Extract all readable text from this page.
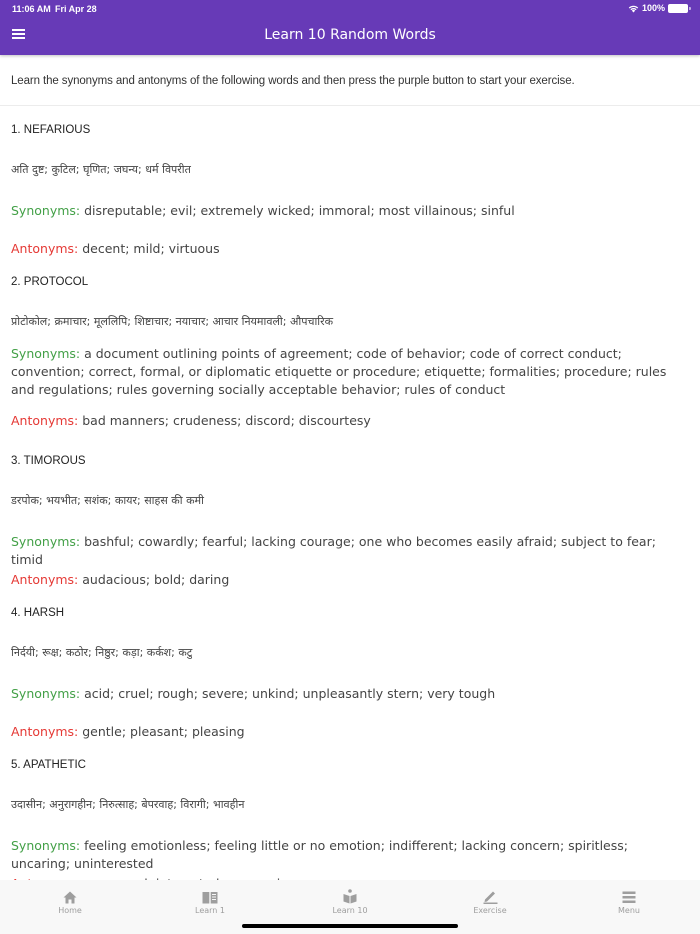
11:06 AM Fri Apr 28	100%
Learn 10 Random Words
Learn the synonyms and antonyms of the following words and then press the purple button to start your exercise.
1. NEFARIOUS
अति दुष्ट; कुटिल; घृणित; जघन्य; धर्म विपरीत
Synonyms: disreputable; evil; extremely wicked; immoral; most villainous; sinful
Antonyms: decent; mild; virtuous
2. PROTOCOL
प्रोटोकोल; क्रमाचार; मूललिपि; शिष्टाचार; नयाचार; आचार नियमावली; औपचारिक
Synonyms: a document outlining points of agreement; code of behavior; code of correct conduct; convention; correct, formal, or diplomatic etiquette or procedure; etiquette; formalities; procedure; rules and regulations; rules governing socially acceptable behavior; rules of conduct
Antonyms: bad manners; crudeness; discord; discourtesy
3. TIMOROUS
डरपोक; भयभीत; सशंक; कायर; साहस की कमी
Synonyms: bashful; cowardly; fearful; lacking courage; one who becomes easily afraid; subject to fear; timid
Antonyms: audacious; bold; daring
4. HARSH
निर्दयी; रूक्ष; कठोर; निष्ठुर; कड़ा; कर्कश; कटु
Synonyms: acid; cruel; rough; severe; unkind; unpleasantly stern; very tough
Antonyms: gentle; pleasant; pleasing
5. APATHETIC
उदासीन; अनुरागहीन; निरुत्साह; बेपरवाह; विरागी; भावहीन
Synonyms: feeling emotionless; feeling little or no emotion; indifferent; lacking concern; spiritless; uncaring; uninterested
Home	Learn 1	Learn 10	Exercise	Menu
